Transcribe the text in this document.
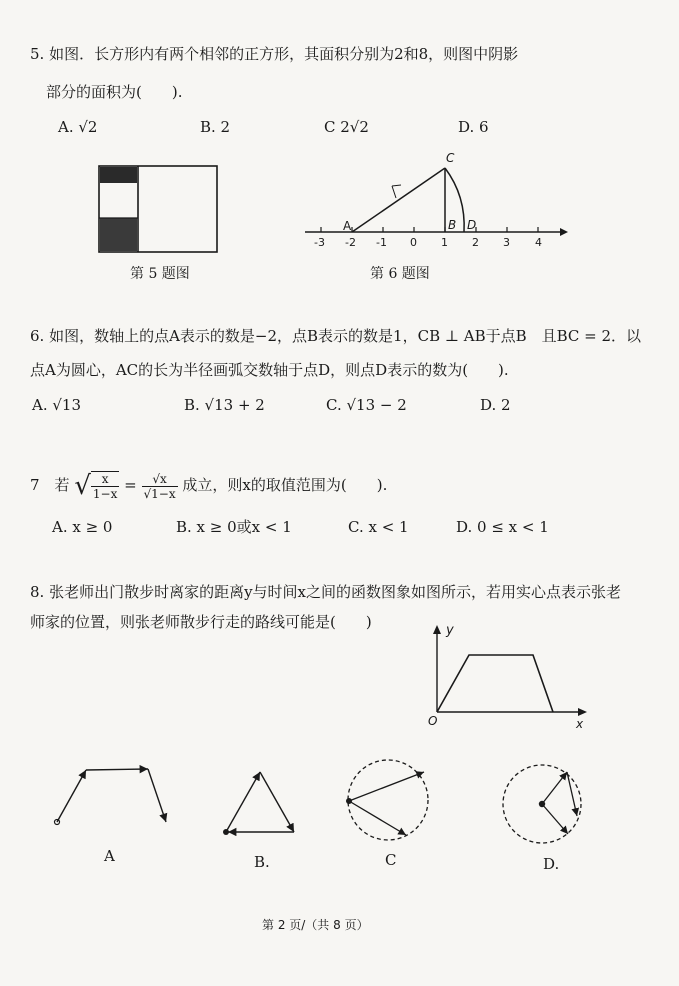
5. 如图．长方形内有两个相邻的正方形，其面积分别为2和8，则图中阴影
部分的面积为(　　).
A. √2	B. 2	C 2√2	D. 6
第 5 题图
A	B
C
D
-3 -2 -1 0 1 2 3 4
第 6 题图
6. 如图，数轴上的点A表示的数是−2，点B表示的数是1，CB ⊥ AB于点B　且BC = 2．以
点A为圆心，AC的长为半径画弧交数轴于点D，则点D表示的数为(　　).
A. √13	B. √13 + 2	C. √13 − 2	D. 2
7　若 √ $\frac{x}{1-x} = \frac{√x}{√1-x}$ 成立，则x的取值范围为(　　).
A. x ≥ 0	B. x ≥ 0或x < 1	C. x < 1	D. 0 ≤ x < 1
8. 张老师出门散步时离家的距离y与时间x之间的函数图象如图所示，若用实心点表示张老
师家的位置，则张老师散步行走的路线可能是(　　)	y
x
O
A	B.	C	D.
第 2 页/（共 8 页）
